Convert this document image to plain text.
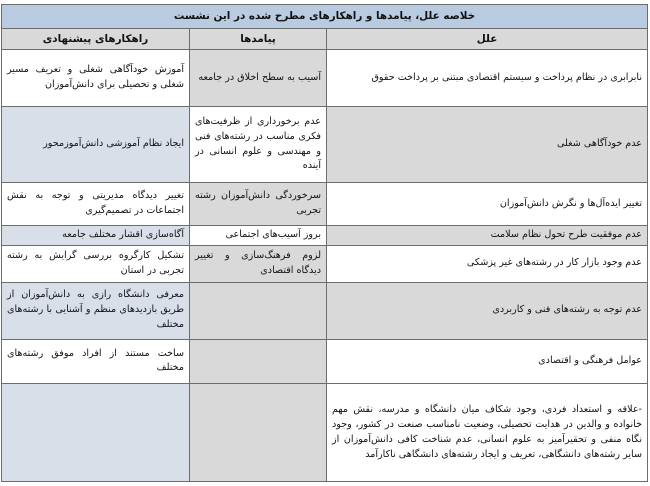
خلاصه علل، پیامدها و راهکارهای مطرح شده در این نشست		
علل	پیامدها	راهکارهای پیشنهادی
نابرابری در نظام پرداخت و سیستم اقتصادی مبتنی بر پرداخت حقوق	آسیب به سطح اخلاق در جامعه	آموزش خودآگاهی شغلی و تعریف مسیر شغلی و تحصیلی برای دانش‌آموزان
عدم خودآگاهی شغلی	عدم برخورداری از ظرفیت‌های فکری مناسب در رشته‌های فنی و مهندسی و علوم انسانی در آینده	ایجاد نظام آموزشی دانش‌آموزمحور
تغییر ایده‌آل‌ها و نگرش دانش‌آموزان	سرخوردگی دانش‌آموزان رشته تجربی	تغییر دیدگاه مدیریتی و توجه به نقش اجتماعات در تصمیم‌گیری
عدم موفقیت طرح تحول نظام سلامت	بروز آسیب‌های اجتماعی	آگاه‌سازی اقشار مختلف جامعه
عدم وجود بازار کار در رشته‌های غیر پزشکی	لزوم فرهنگ‌سازی و تغییر دیدگاه اقتصادی	تشکیل کارگروه بررسی گرایش به رشته تجربی در استان
عدم توجه به رشته‌های فنی و کاربردی		معرفی دانشگاه رازی به دانش‌آموزان از طریق بازدیدهای منظم و آشنایی با رشته‌های مختلف
عوامل فرهنگی و اقتصادی		ساخت مستند از افراد موفق رشته‌های مختلف
-علاقه و استعداد فردی، وجود شکاف میان دانشگاه و مدرسه، نقش مهم خانواده و والدین در هدایت تحصیلی، وضعیت نامناسب صنعت در کشور، وجود نگاه منفی و تحقیرآمیز به علوم انسانی، عدم شناخت کافی دانش‌آموزان از سایر رشته‌های دانشگاهی، تعریف و ایجاد رشته‌های دانشگاهی ناکارآمد		
